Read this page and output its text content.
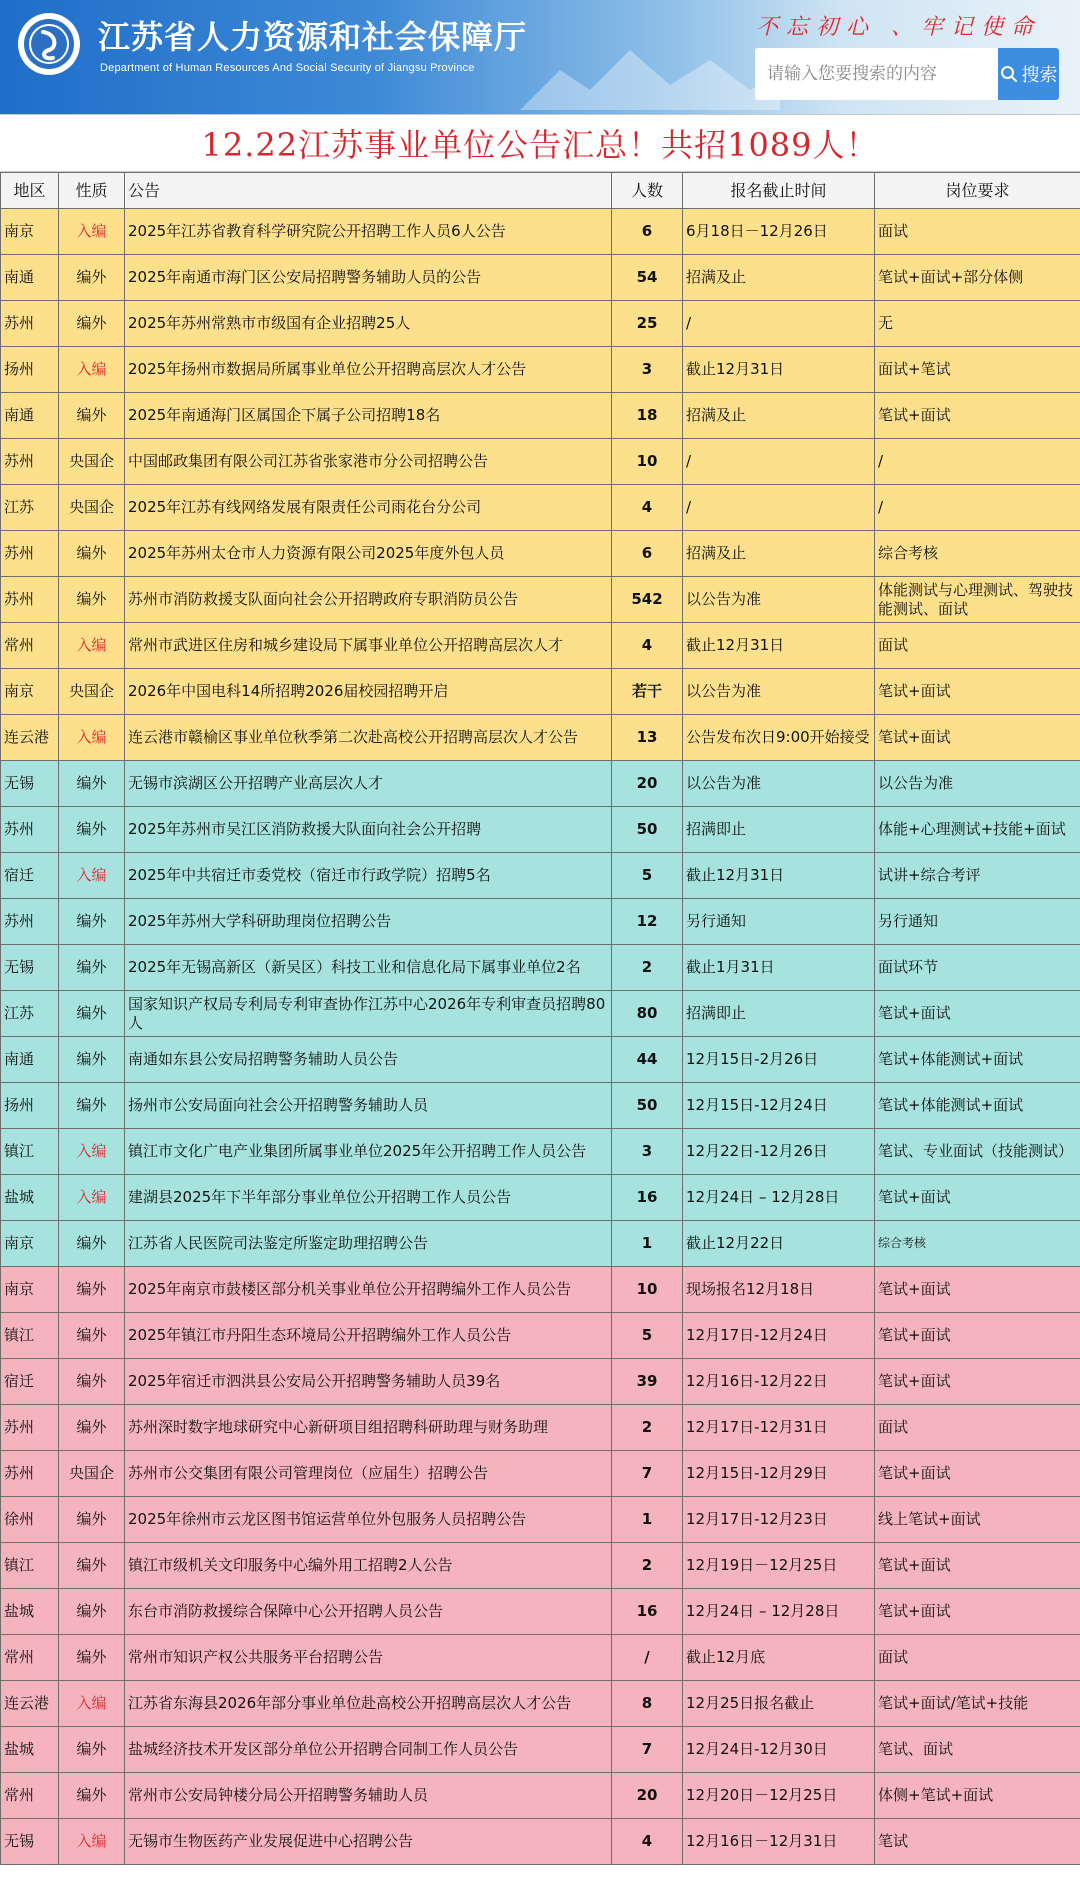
江苏省人力资源和社会保障厅
Department of Human Resources And Social Security of Jiangsu Province
不忘初心 、牢记使命
请输入您要搜索的内容
搜索
12.22江苏事业单位公告汇总！共招1089人！
地区	性质	公告	人数	报名截止时间	岗位要求
南京	入编	2025年江苏省教育科学研究院公开招聘工作人员6人公告	6	6月18日－12月26日	面试
南通	编外	2025年南通市海门区公安局招聘警务辅助人员的公告	54	招满及止	笔试+面试+部分体侧
苏州	编外	2025年苏州常熟市市级国有企业招聘25人	25	/	无
扬州	入编	2025年扬州市数据局所属事业单位公开招聘高层次人才公告	3	截止12月31日	面试+笔试
南通	编外	2025年南通海门区属国企下属子公司招聘18名	18	招满及止	笔试+面试
苏州	央国企	中国邮政集团有限公司江苏省张家港市分公司招聘公告	10	/	/
江苏	央国企	2025年江苏有线网络发展有限责任公司雨花台分公司	4	/	/
苏州	编外	2025年苏州太仓市人力资源有限公司2025年度外包人员	6	招满及止	综合考核
苏州	编外	苏州市消防救援支队面向社会公开招聘政府专职消防员公告	542	以公告为准	体能测试与心理测试、驾驶技能测试、面试
常州	入编	常州市武进区住房和城乡建设局下属事业单位公开招聘高层次人才	4	截止12月31日	面试
南京	央国企	2026年中国电科14所招聘2026届校园招聘开启	若干	以公告为准	笔试+面试
连云港	入编	连云港市赣榆区事业单位秋季第二次赴高校公开招聘高层次人才公告	13	公告发布次日9:00开始接受	笔试+面试
无锡	编外	无锡市滨湖区公开招聘产业高层次人才	20	以公告为准	以公告为准
苏州	编外	2025年苏州市吴江区消防救援大队面向社会公开招聘	50	招满即止	体能+心理测试+技能+面试
宿迁	入编	2025年中共宿迁市委党校（宿迁市行政学院）招聘5名	5	截止12月31日	试讲+综合考评
苏州	编外	2025年苏州大学科研助理岗位招聘公告	12	另行通知	另行通知
无锡	编外	2025年无锡高新区（新吴区）科技工业和信息化局下属事业单位2名	2	截止1月31日	面试环节
江苏	编外	国家知识产权局专利局专利审查协作江苏中心2026年专利审查员招聘80人	80	招满即止	笔试+面试
南通	编外	南通如东县公安局招聘警务辅助人员公告	44	12月15日-2月26日	笔试+体能测试+面试
扬州	编外	扬州市公安局面向社会公开招聘警务辅助人员	50	12月15日-12月24日	笔试+体能测试+面试
镇江	入编	镇江市文化广电产业集团所属事业单位2025年公开招聘工作人员公告	3	12月22日-12月26日	笔试、专业面试（技能测试）
盐城	入编	建湖县2025年下半年部分事业单位公开招聘工作人员公告	16	12月24日 – 12月28日	笔试+面试
南京	编外	江苏省人民医院司法鉴定所鉴定助理招聘公告	1	截止12月22日	综合考核
南京	编外	2025年南京市鼓楼区部分机关事业单位公开招聘编外工作人员公告	10	现场报名12月18日	笔试+面试
镇江	编外	2025年镇江市丹阳生态环境局公开招聘编外工作人员公告	5	12月17日-12月24日	笔试+面试
宿迁	编外	2025年宿迁市泗洪县公安局公开招聘警务辅助人员39名	39	12月16日-12月22日	笔试+面试
苏州	编外	苏州深时数字地球研究中心新研项目组招聘科研助理与财务助理	2	12月17日-12月31日	面试
苏州	央国企	苏州市公交集团有限公司管理岗位（应届生）招聘公告	7	12月15日-12月29日	笔试+面试
徐州	编外	2025年徐州市云龙区图书馆运营单位外包服务人员招聘公告	1	12月17日-12月23日	线上笔试+面试
镇江	编外	镇江市级机关文印服务中心编外用工招聘2人公告	2	12月19日－12月25日	笔试+面试
盐城	编外	东台市消防救援综合保障中心公开招聘人员公告	16	12月24日 – 12月28日	笔试+面试
常州	编外	常州市知识产权公共服务平台招聘公告	/	截止12月底	面试
连云港	入编	江苏省东海县2026年部分事业单位赴高校公开招聘高层次人才公告	8	12月25日报名截止	笔试+面试/笔试+技能
盐城	编外	盐城经济技术开发区部分单位公开招聘合同制工作人员公告	7	12月24日-12月30日	笔试、面试
常州	编外	常州市公安局钟楼分局公开招聘警务辅助人员	20	12月20日－12月25日	体侧+笔试+面试
无锡	入编	无锡市生物医药产业发展促进中心招聘公告	4	12月16日－12月31日	笔试
